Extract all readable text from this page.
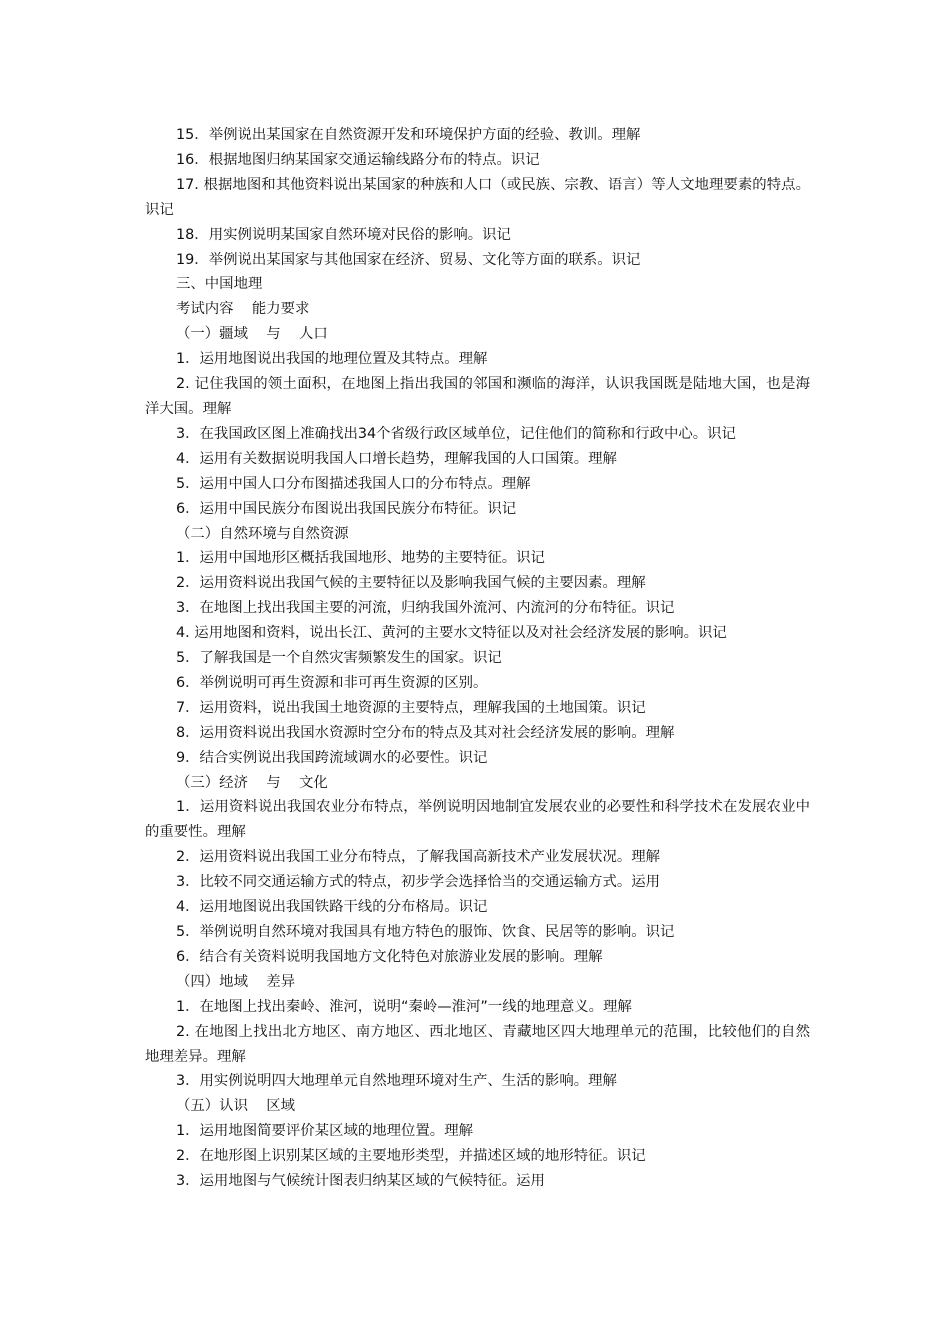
15．举例说出某国家在自然资源开发和环境保护方面的经验、教训。理解

16．根据地图归纳某国家交通运输线路分布的特点。识记

17. 根据地图和其他资料说出某国家的种族和人口（或民族、宗教、语言）等人文地理要素的特点。识记

18．用实例说明某国家自然环境对民俗的影响。识记

19．举例说出某国家与其他国家在经济、贸易、文化等方面的联系。识记

三、中国地理

考试内容    能力要求

（一）疆域    与    人口

1．运用地图说出我国的地理位置及其特点。理解

2. 记住我国的领土面积，在地图上指出我国的邻国和濒临的海洋，认识我国既是陆地大国，也是海洋大国。理解

3．在我国政区图上准确找出34个省级行政区域单位，记住他们的简称和行政中心。识记

4．运用有关数据说明我国人口增长趋势，理解我国的人口国策。理解

5．运用中国人口分布图描述我国人口的分布特点。理解

6．运用中国民族分布图说出我国民族分布特征。识记

（二）自然环境与自然资源

1．运用中国地形区概括我国地形、地势的主要特征。识记

2．运用资料说出我国气候的主要特征以及影响我国气候的主要因素。理解

3．在地图上找出我国主要的河流，归纳我国外流河、内流河的分布特征。识记

4. 运用地图和资料，说出长江、黄河的主要水文特征以及对社会经济发展的影响。识记

5．了解我国是一个自然灾害频繁发生的国家。识记

6．举例说明可再生资源和非可再生资源的区别。

7．运用资料，说出我国土地资源的主要特点，理解我国的土地国策。识记

8．运用资料说出我国水资源时空分布的特点及其对社会经济发展的影响。理解

9．结合实例说出我国跨流域调水的必要性。识记

（三）经济    与    文化

1．运用资料说出我国农业分布特点，举例说明因地制宜发展农业的必要性和科学技术在发展农业中的重要性。理解

2．运用资料说出我国工业分布特点，了解我国高新技术产业发展状况。理解

3．比较不同交通运输方式的特点，初步学会选择恰当的交通运输方式。运用

4．运用地图说出我国铁路干线的分布格局。识记

5．举例说明自然环境对我国具有地方特色的服饰、饮食、民居等的影响。识记

6．结合有关资料说明我国地方文化特色对旅游业发展的影响。理解

（四）地域    差异

1．在地图上找出秦岭、淮河，说明“秦岭—淮河”一线的地理意义。理解

2. 在地图上找出北方地区、南方地区、西北地区、青藏地区四大地理单元的范围，比较他们的自然地理差异。理解

3．用实例说明四大地理单元自然地理环境对生产、生活的影响。理解

（五）认识    区域

1．运用地图简要评价某区域的地理位置。理解

2．在地形图上识别某区域的主要地形类型，并描述区域的地形特征。识记

3．运用地图与气候统计图表归纳某区域的气候特征。运用
